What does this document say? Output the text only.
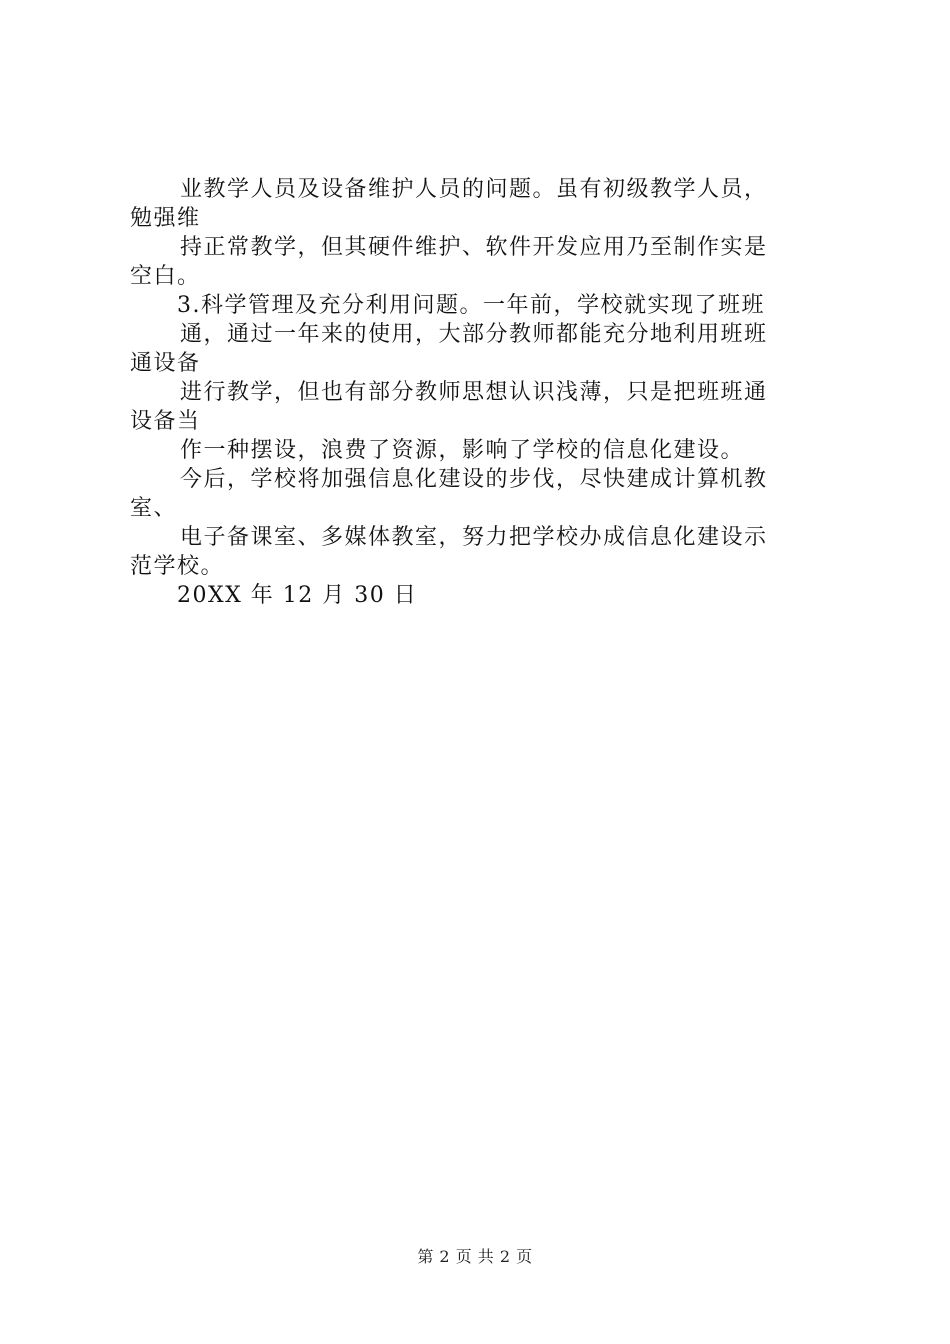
业教学人员及设备维护人员的问题。虽有初级教学人员，

勉强维

持正常教学，但其硬件维护、软件开发应用乃至制作实是

空白。

3.科学管理及充分利用问题。一年前，学校就实现了班班

通，通过一年来的使用，大部分教师都能充分地利用班班

通设备

进行教学，但也有部分教师思想认识浅薄，只是把班班通

设备当

作一种摆设，浪费了资源，影响了学校的信息化建设。

今后，学校将加强信息化建设的步伐，尽快建成计算机教

室、

电子备课室、多媒体教室，努力把学校办成信息化建设示

范学校。

20XX 年 12 月 30 日

第 2 页 共 2 页
